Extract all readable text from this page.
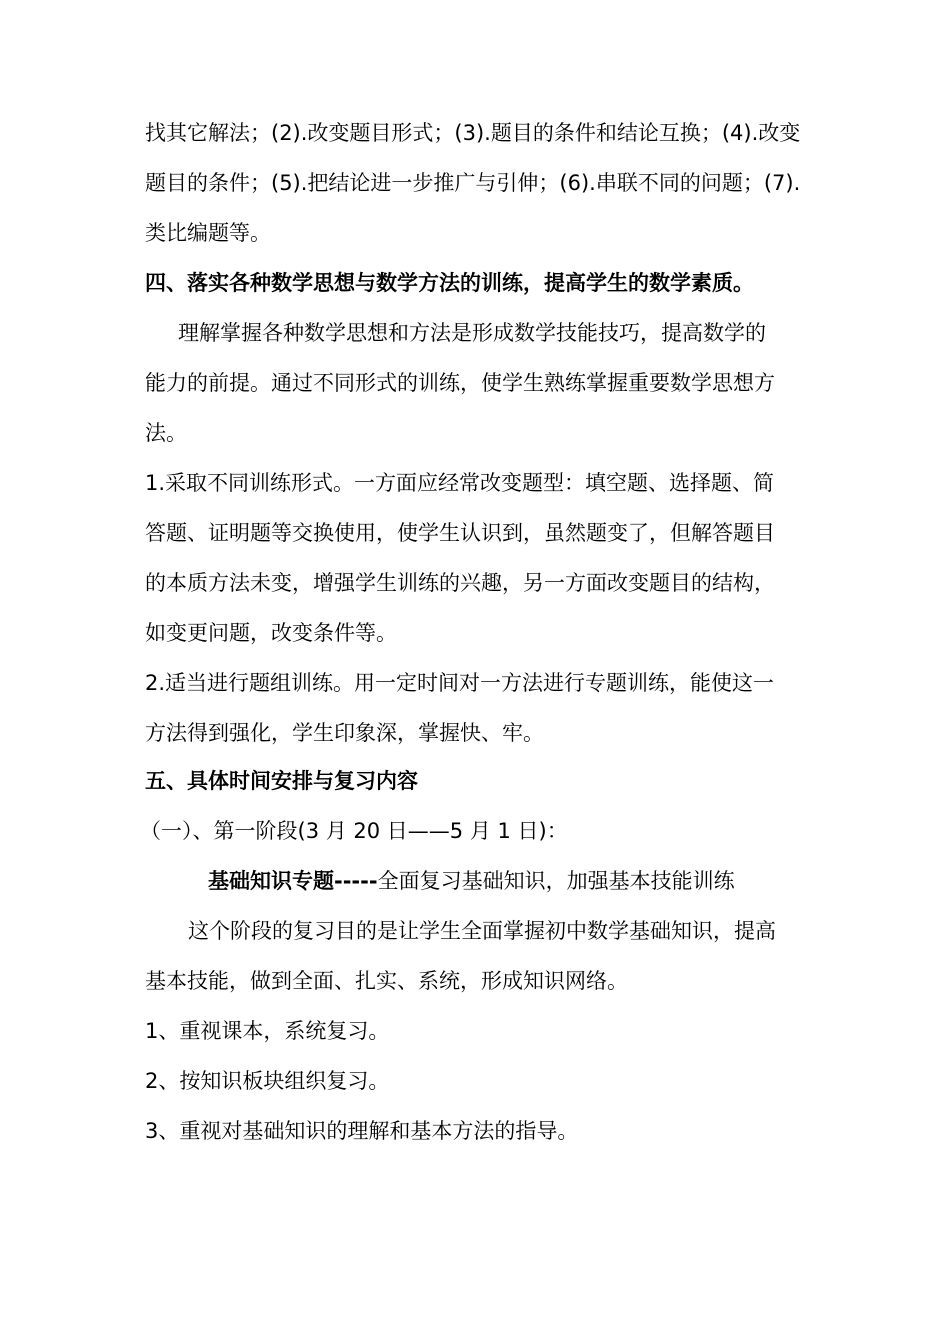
找其它解法；(2).改变题目形式；(3).题目的条件和结论互换；(4).改变
题目的条件；(5).把结论进一步推广与引伸；(6).串联不同的问题；(7).
类比编题等。
四、落实各种数学思想与数学方法的训练，提高学生的数学素质。
理解掌握各种数学思想和方法是形成数学技能技巧，提高数学的
能力的前提。通过不同形式的训练，使学生熟练掌握重要数学思想方
法。
1.采取不同训练形式。一方面应经常改变题型：填空题、选择题、简
答题、证明题等交换使用，使学生认识到，虽然题变了，但解答题目
的本质方法未变，增强学生训练的兴趣，另一方面改变题目的结构，
如变更问题，改变条件等。
2.适当进行题组训练。用一定时间对一方法进行专题训练，能使这一
方法得到强化，学生印象深，掌握快、牢。
五、具体时间安排与复习内容
（一）、第一阶段(3 月 20 日——5 月 1 日)：
基础知识专题-----全面复习基础知识，加强基本技能训练
这个阶段的复习目的是让学生全面掌握初中数学基础知识，提高
基本技能，做到全面、扎实、系统，形成知识网络。
1、重视课本，系统复习。
2、按知识板块组织复习。
3、重视对基础知识的理解和基本方法的指导。
